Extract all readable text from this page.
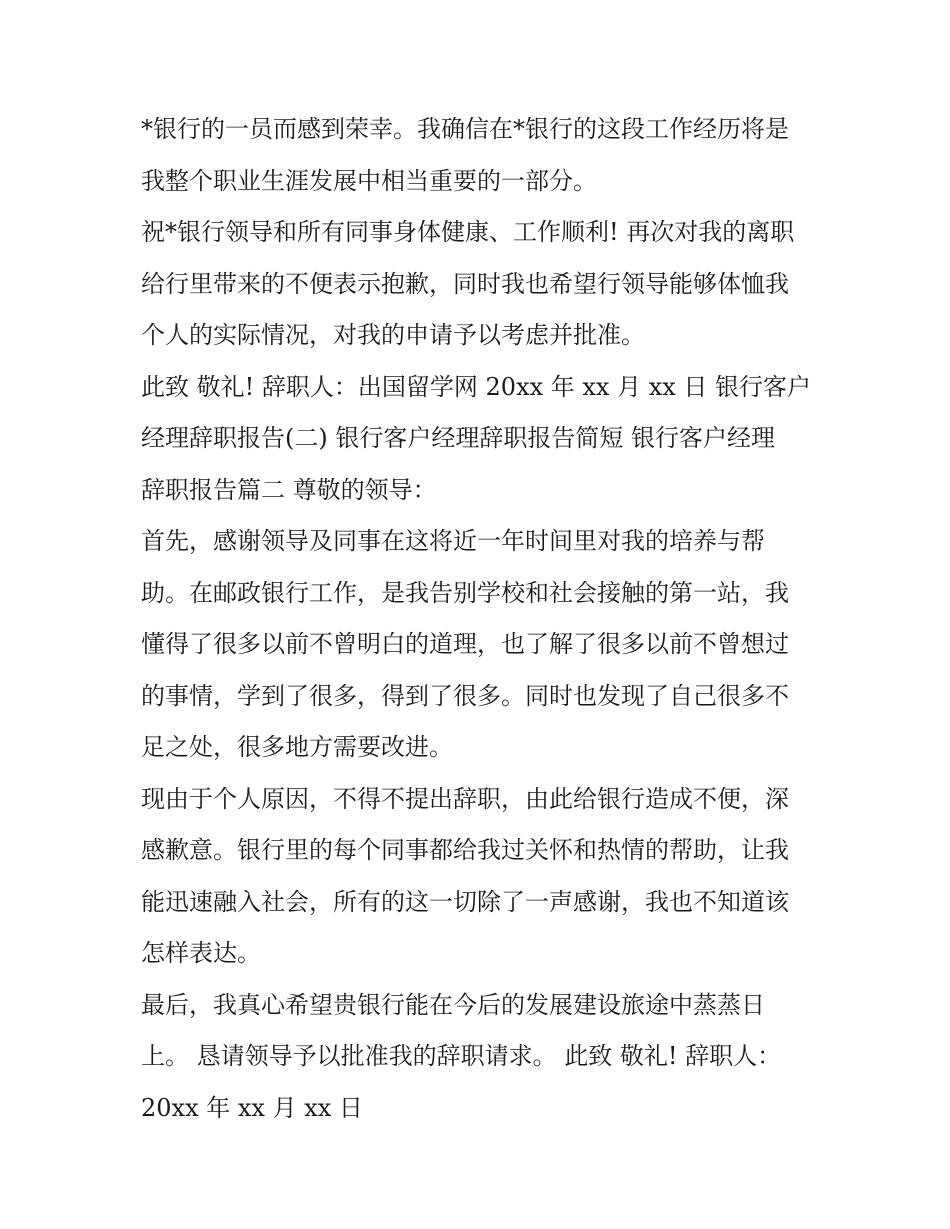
*银行的一员而感到荣幸。我确信在*银行的这段工作经历将是
我整个职业生涯发展中相当重要的一部分。
祝*银行领导和所有同事身体健康、工作顺利! 再次对我的离职
给行里带来的不便表示抱歉，同时我也希望行领导能够体恤我
个人的实际情况，对我的申请予以考虑并批准。
此致 敬礼! 辞职人：出国留学网 20xx 年 xx 月 xx 日 银行客户
经理辞职报告(二) 银行客户经理辞职报告简短 银行客户经理
辞职报告篇二 尊敬的领导：
首先，感谢领导及同事在这将近一年时间里对我的培养与帮
助。在邮政银行工作，是我告别学校和社会接触的第一站，我
懂得了很多以前不曾明白的道理，也了解了很多以前不曾想过
的事情，学到了很多，得到了很多。同时也发现了自己很多不
足之处，很多地方需要改进。
现由于个人原因，不得不提出辞职，由此给银行造成不便，深
感歉意。银行里的每个同事都给我过关怀和热情的帮助，让我
能迅速融入社会，所有的这一切除了一声感谢，我也不知道该
怎样表达。
最后，我真心希望贵银行能在今后的发展建设旅途中蒸蒸日
上。 恳请领导予以批准我的辞职请求。 此致 敬礼! 辞职人：
20xx 年 xx 月 xx 日
